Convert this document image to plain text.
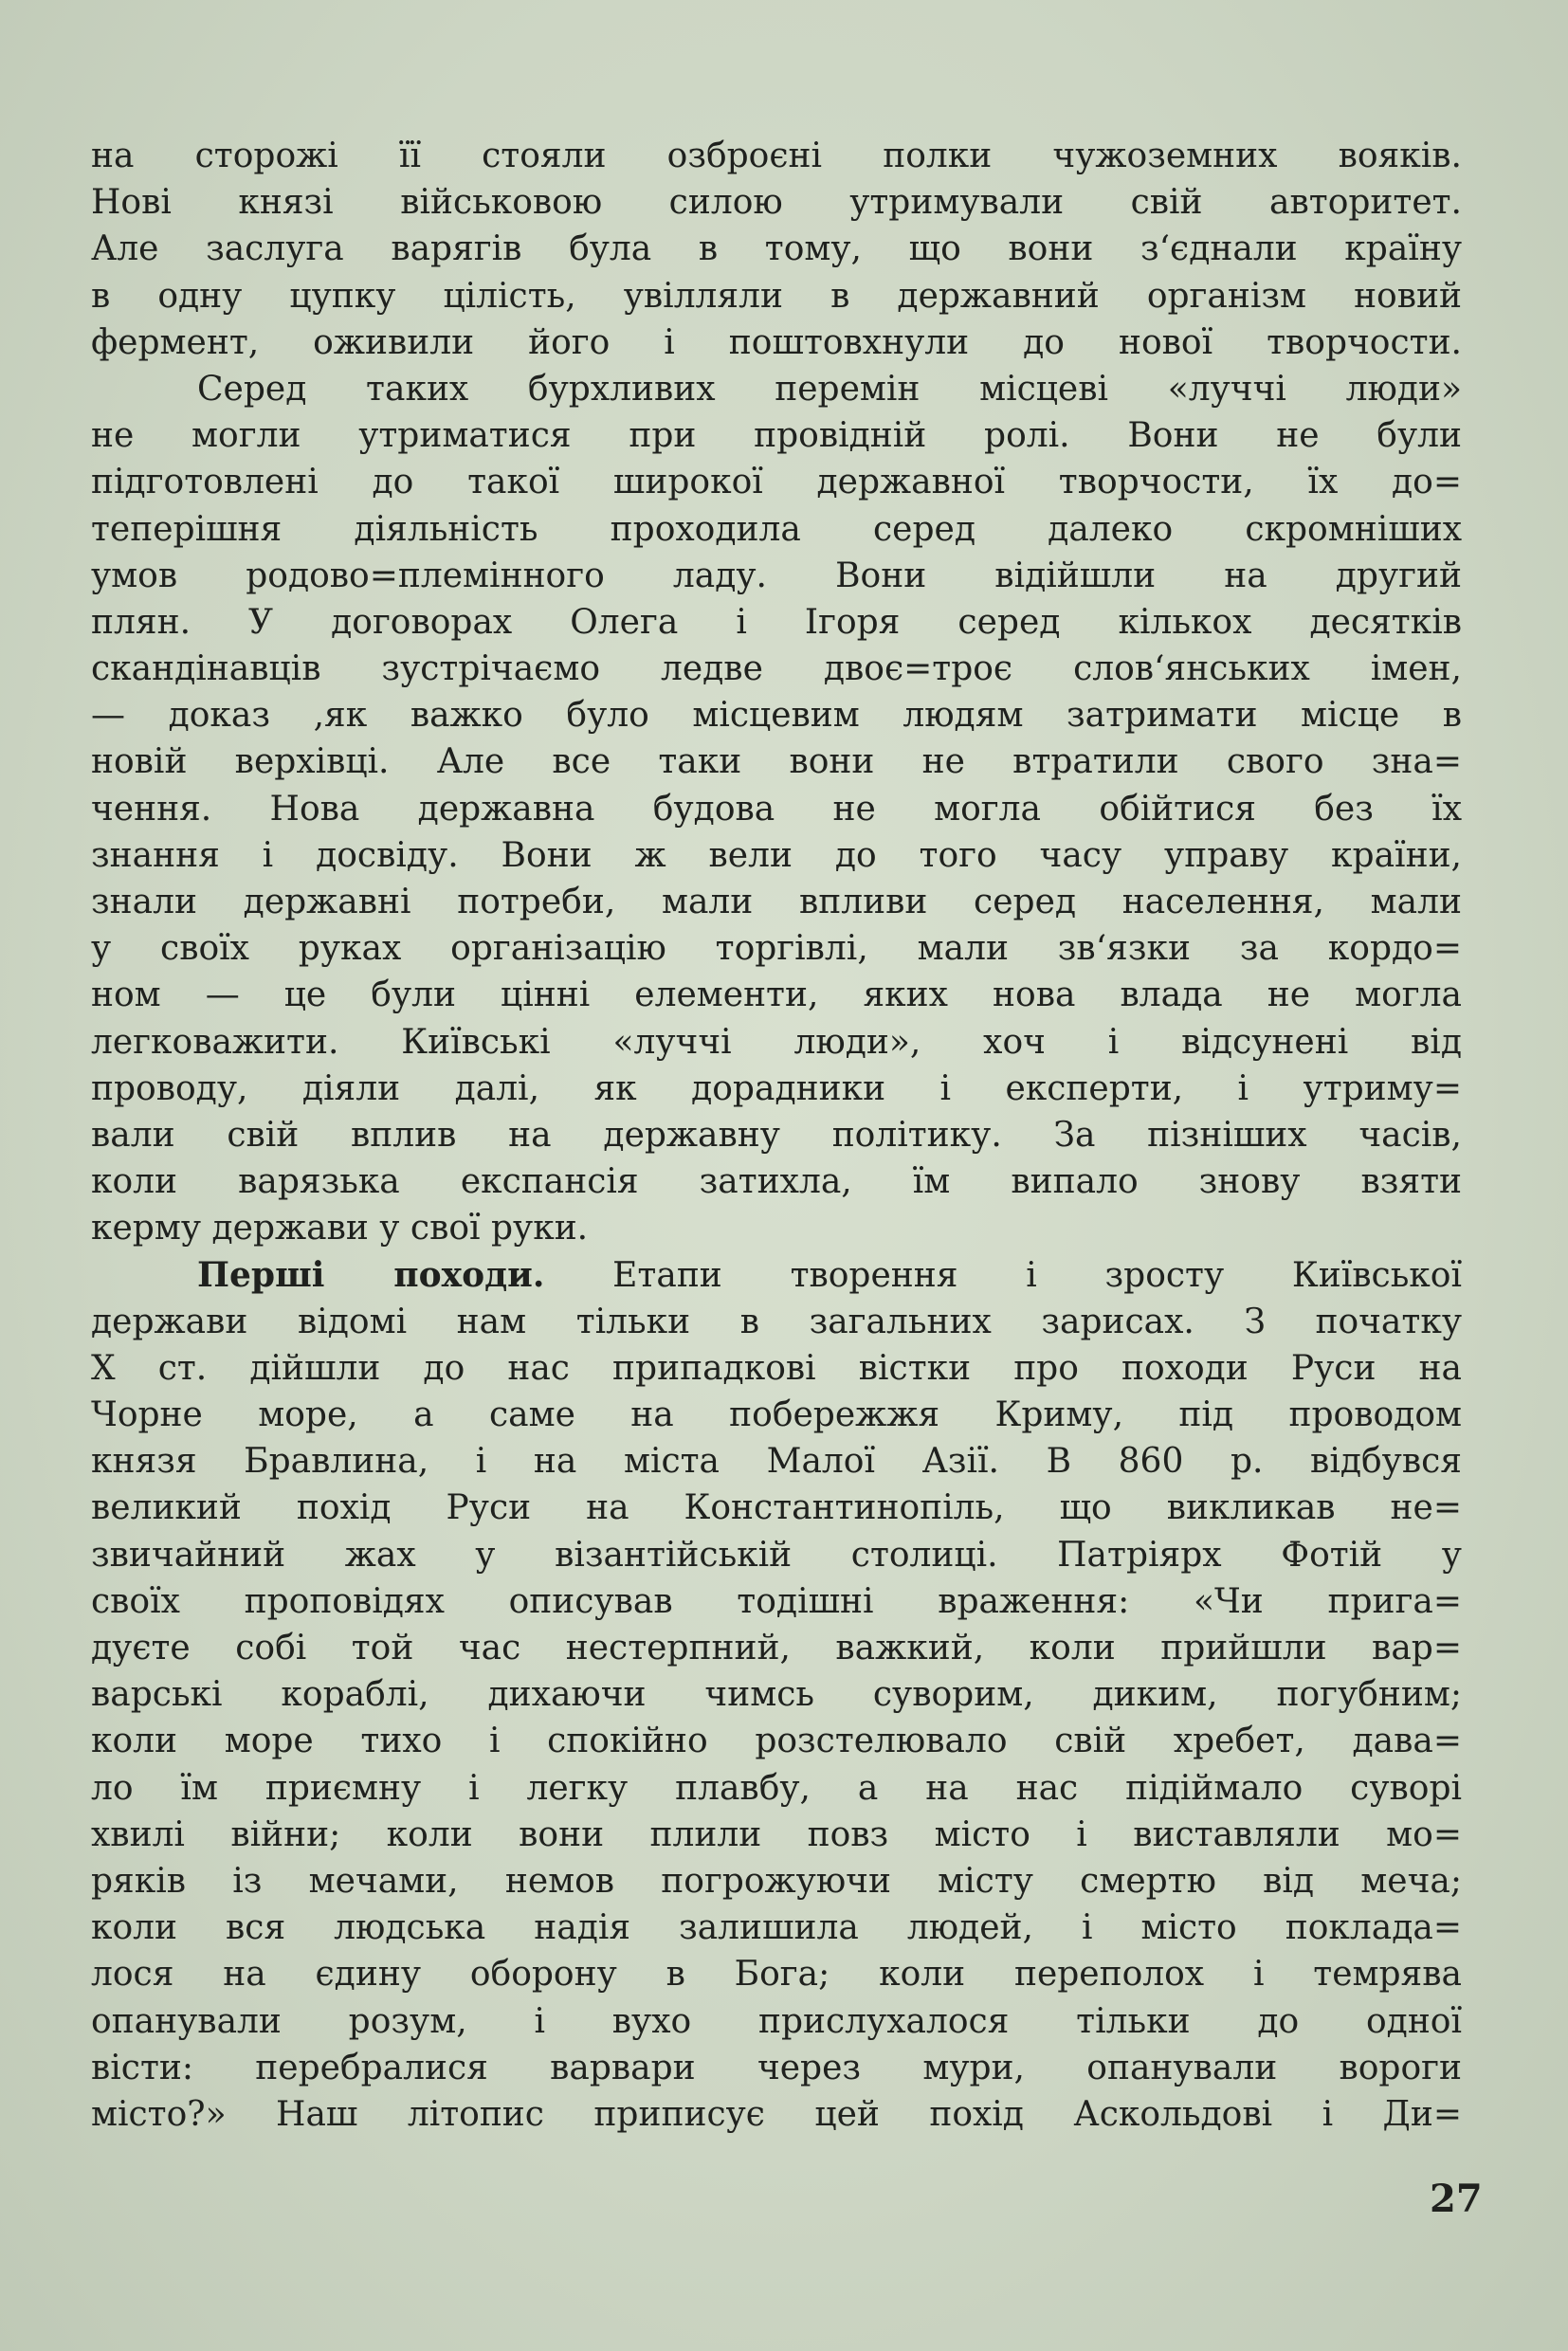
на сторожі її стояли озброєні полки чужоземних вояків.
Нові князі військовою силою утримували свій авторитет.
Але заслуга варягів була в тому, що вони з‘єднали країну
в одну цупку цілість, увілляли в державний організм новий
фермент, оживили його і поштовхнули до нової творчости.
Серед таких бурхливих перемін місцеві «луччі люди»
не могли утриматися при провідній ролі. Вони не були
підготовлені до такої широкої державної творчости, їх до=
теперішня діяльність проходила серед далеко скромніших
умов родово=племінного ладу. Вони відійшли на другий
плян. У договорах Олега і Ігоря серед кількох десятків
скандінавців зустрічаємо ледве двоє=троє слов‘янських імен,
— доказ ,як важко було місцевим людям затримати місце в
новій верхівці. Але все таки вони не втратили свого зна=
чення. Нова державна будова не могла обійтися без їх
знання і досвіду. Вони ж вели до того часу управу країни,
знали державні потреби, мали впливи серед населення, мали
у своїх руках організацію торгівлі, мали зв‘язки за кордо=
ном — це були цінні елементи, яких нова влада не могла
легковажити. Київські «луччі люди», хоч і відсунені від
проводу, діяли далі, як дорадники і експерти, і утриму=
вали свій вплив на державну політику. За пізніших часів,
коли варязька експансія затихла, їм випало знову взяти
керму держави у свої руки.
Перші походи. Етапи творення і зросту Київської
держави відомі нам тільки в загальних зарисах. З початку
X ст. дійшли до нас припадкові вістки про походи Руси на
Чорне море, а саме на побережжя Криму, під проводом
князя Бравлина, і на міста Малої Азії. В 860 р. відбувся
великий похід Руси на Константинопіль, що викликав не=
звичайний жах у візантійській столиці. Патріярх Фотій у
своїх проповідях описував тодішні враження: «Чи прига=
дуєте собі той час нестерпний, важкий, коли прийшли вар=
варські кораблі, дихаючи чимсь суворим, диким, погубним;
коли море тихо і спокійно розстелювало свій хребет, дава=
ло їм приємну і легку плавбу, а на нас підіймало суворі
хвилі війни; коли вони плили повз місто і виставляли мо=
ряків із мечами, немов погрожуючи місту смертю від меча;
коли вся людська надія залишила людей, і місто поклада=
лося на єдину оборону в Бога; коли переполох і темрява
опанували розум, і вухо прислухалося тільки до одної
вісти: перебралися варвари через мури, опанували вороги
місто?» Наш літопис приписує цей похід Аскольдові і Ди=
27
